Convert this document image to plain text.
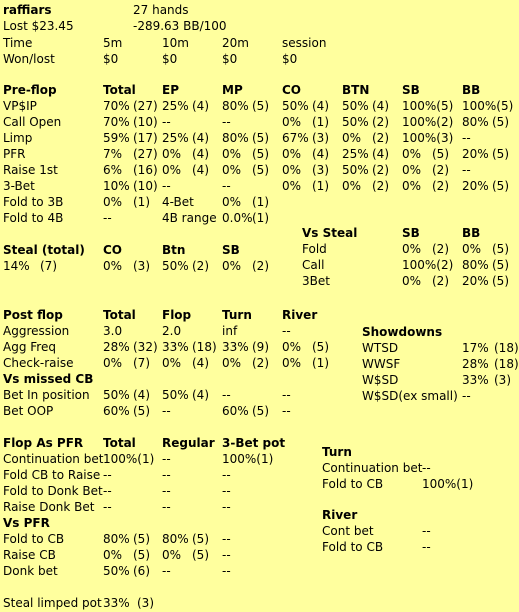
raffiars	27 hands
Lost $23.45	-289.63 BB/100
Time	5m	10m	20m	session
Won/lost	$0	$0	$0	$0
Pre-flop	Total EP	MP	CO	BTN	SB	BB
VP$IP	70% (27) 25% (4) 80% (5) 50% (4) 50% (4) 100%(5) 100%(5)
Call Open	70% (10) --	--	0% (1) 50% (2) 100%(2) 80% (5)
Limp	59% (17) 25% (4) 80% (5) 67% (3) 0% (2) 100%(3) --
PFR	7% (27) 0% (4) 0% (5) 0% (4) 25% (4) 0% (5) 20% (5)
Raise 1st	6% (16) 0% (4) 0% (5) 0% (3) 50% (2) 0% (2) --
3-Bet	10% (10) --	--	0% (1) 0% (2) 0% (2) 20% (5)
Fold to 3B	0% (1) 4-Bet 0% (1)
Fold to 4B	--	4B range 0.0% (1)
Vs Steal	SB	BB
Fold	0% (2) 0% (5)
Call	100%(2) 80% (5)
3Bet	0% (2) 20% (5)
Steal (total) CO	Btn	SB
14% (7)	0% (3) 50% (2) 0% (2)
Post flop	Total Flop	Turn	River
Aggression	3.0	2.0	inf	--
Agg Freq	28% (32) 33% (18) 33% (9) 0% (5)
Check-raise 0% (7) 0% (4) 0% (2) 0% (1)
Vs missed CB
Bet In position 50% (4) 50% (4) --	--
Bet OOP	60% (5) --	60% (5) --
Showdowns
WTSD	17% (18)
WWSF	28% (18)
W$SD	33% (3)
W$SD(ex small) --
Flop As PFR Total Regular 3-Bet pot
Continuation bet 100%(1) --	100%(1)
Fold CB to Raise --	--	--
Fold to Donk Bet --	--	--
Raise Donk Bet --	--	--
Vs PFR
Fold to CB	80% (5) 80% (5) --
Raise CB	0% (5) 0% (5) --
Donk bet	50% (6) --	--
Turn
Continuation bet --
Fold to CB	100%(1)
River
Cont bet	--
Fold to CB	--
Steal limped pot 33% (3)
